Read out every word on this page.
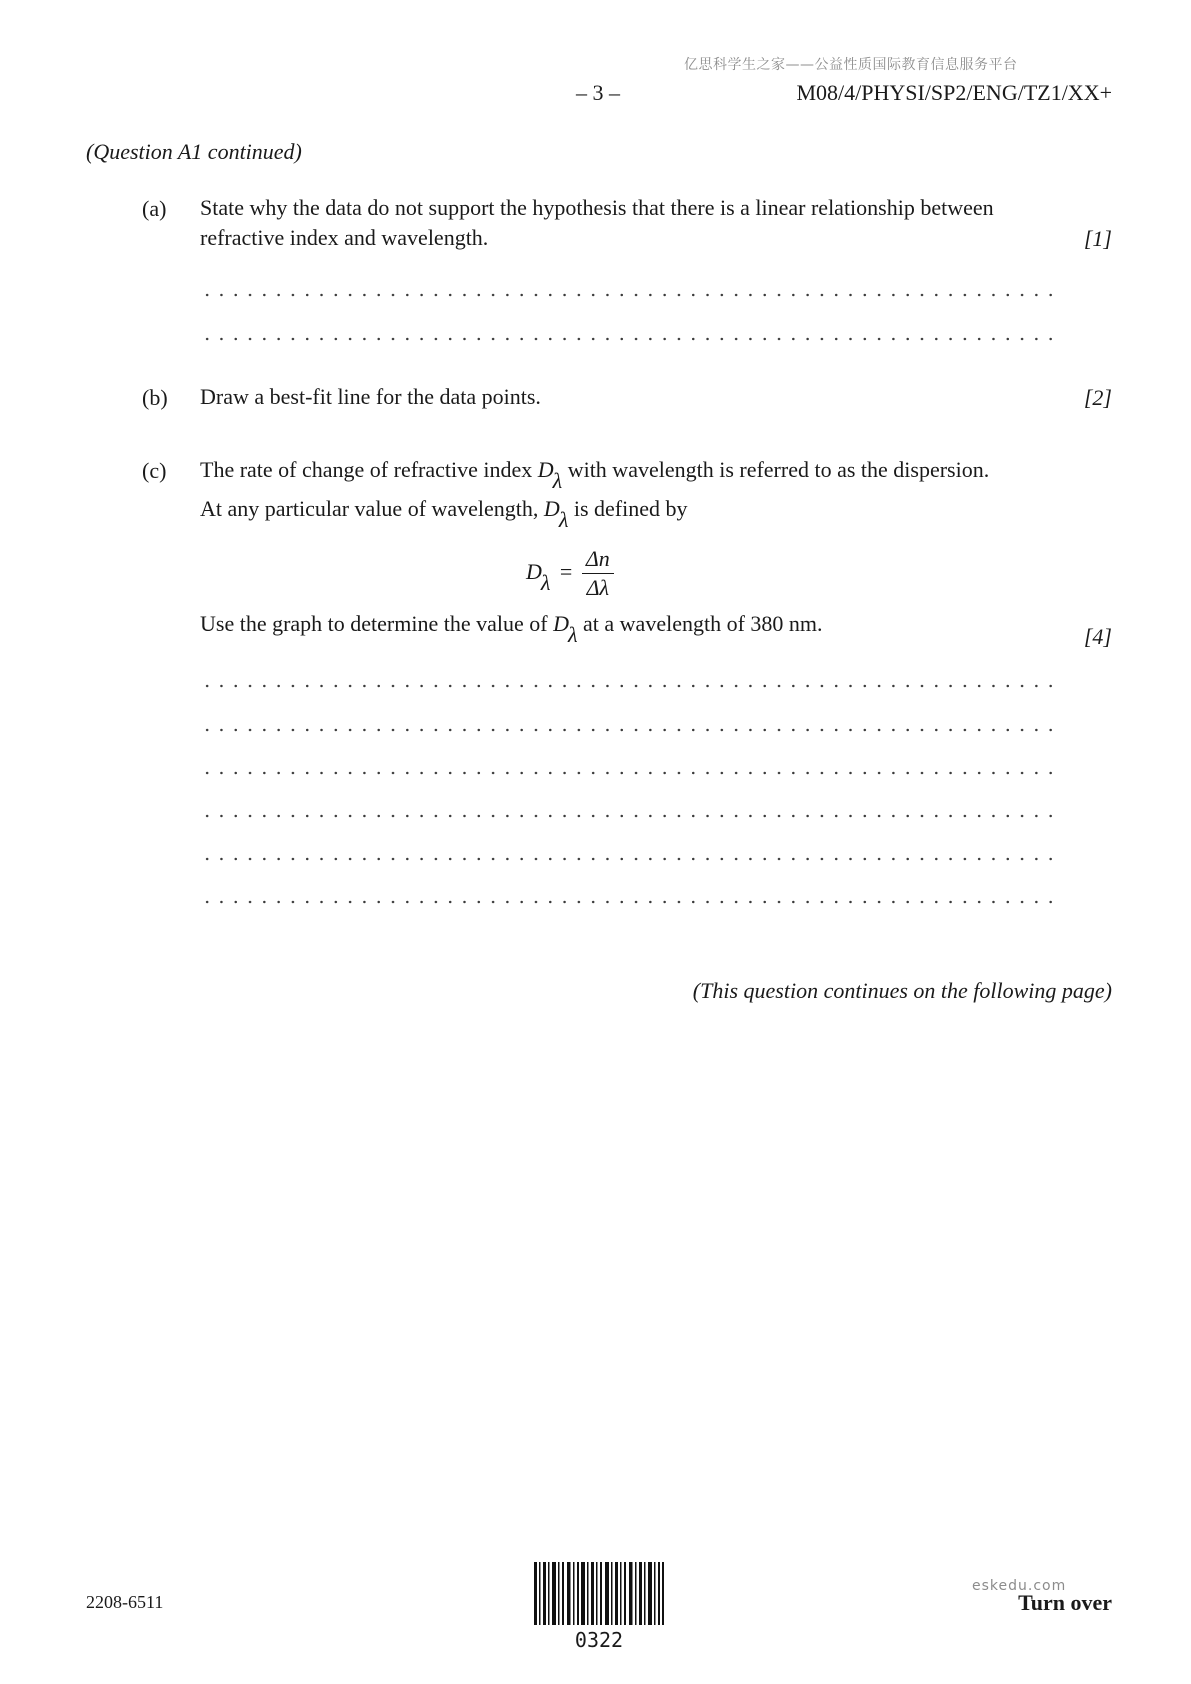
亿思科学生之家——公益性质国际教育信息服务平台
– 3 –	M08/4/PHYSI/SP2/ENG/TZ1/XX+
(Question A1 continued)
(a) State why the data do not support the hypothesis that there is a linear relationship between
refractive index and wavelength.	[1]
(b) Draw a best-fit line for the data points.	[2]
(c) The rate of change of refractive index Dλ with wavelength is referred to as the dispersion.
At any particular value of wavelength, Dλ is defined by
$D\lambda = \frac{\Delta n}{\Delta\lambda}$
Use the graph to determine the value of Dλ at a wavelength of 380 nm.
[4]
(This question continues on the following page)
2208-6511
0322
eskedu.com
Turn over
